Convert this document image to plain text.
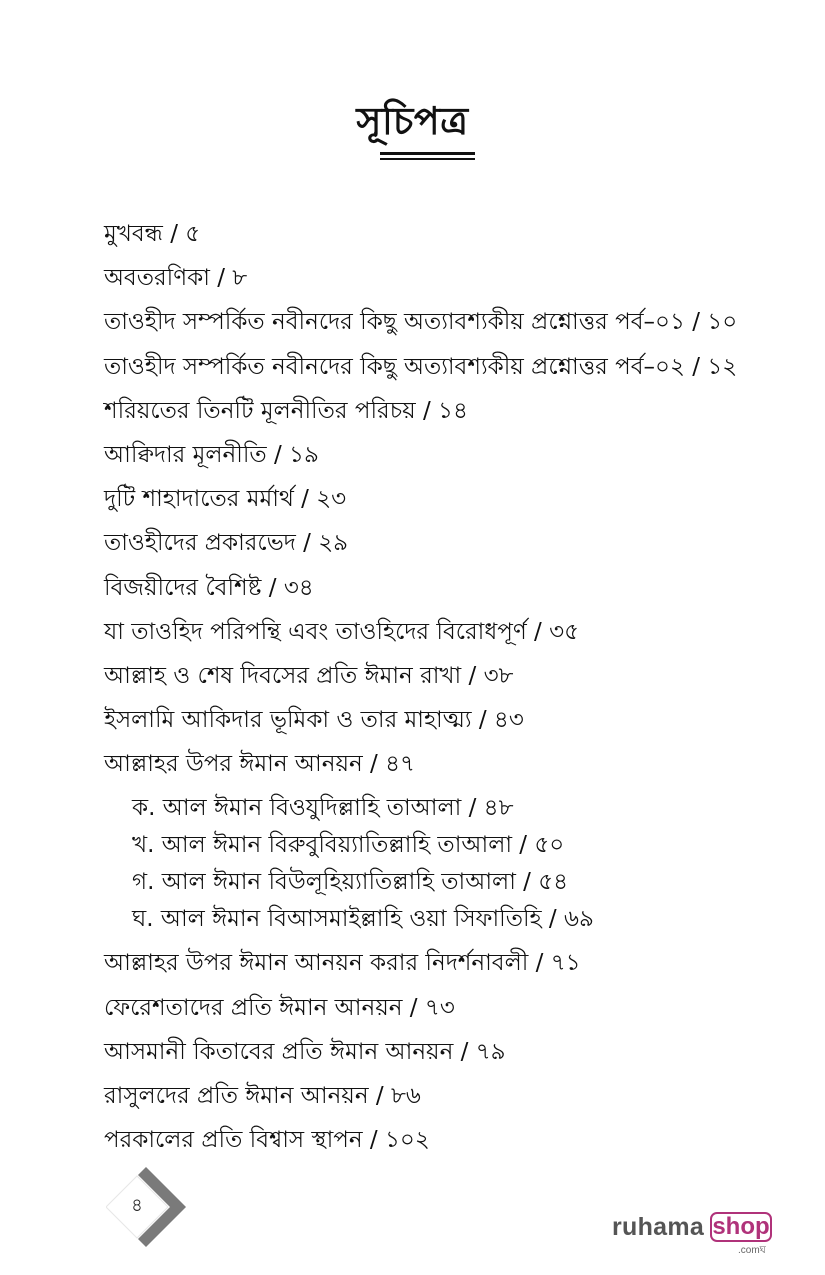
সূচিপত্র
মুখবন্ধ / ৫
অবতরণিকা / ৮
তাওহীদ সম্পর্কিত নবীনদের কিছু অত্যাবশ্যকীয় প্রশ্নোত্তর পর্ব–০১ / ১০
তাওহীদ সম্পর্কিত নবীনদের কিছু অত্যাবশ্যকীয় প্রশ্নোত্তর পর্ব–০২ / ১২
শরিয়তের তিনটি মূলনীতির পরিচয় / ১৪
আক্বিদার মূলনীতি / ১৯
দুটি শাহাদাতের মর্মার্থ / ২৩
তাওহীদের প্রকারভেদ / ২৯
বিজয়ীদের বৈশিষ্ট / ৩৪
যা তাওহিদ পরিপন্থি এবং তাওহিদের বিরোধপূর্ণ / ৩৫
আল্লাহ ও শেষ দিবসের প্রতি ঈমান রাখা / ৩৮
ইসলামি আকিদার ভূমিকা ও তার মাহাত্ম্য / ৪৩
আল্লাহর উপর ঈমান আনয়ন / ৪৭
ক. আল ঈমান বিওযুদিল্লাহি তাআলা / ৪৮
খ. আল ঈমান বিরুবুবিয়্যাতিল্লাহি তাআলা / ৫০
গ. আল ঈমান বিউলূহিয়্যাতিল্লাহি তাআলা / ৫৪
ঘ. আল ঈমান বিআসমাইল্লাহি ওয়া সিফাতিহি / ৬৯
আল্লাহর উপর ঈমান আনয়ন করার নিদর্শনাবলী / ৭১
ফেরেশতাদের প্রতি ঈমান আনয়ন / ৭৩
আসমানী কিতাবের প্রতি ঈমান আনয়ন / ৭৯
রাসুলদের প্রতি ঈমান আনয়ন / ৮৬
পরকালের প্রতি বিশ্বাস স্থাপন / ১০২
৪
ruhama shop
.comঘ
